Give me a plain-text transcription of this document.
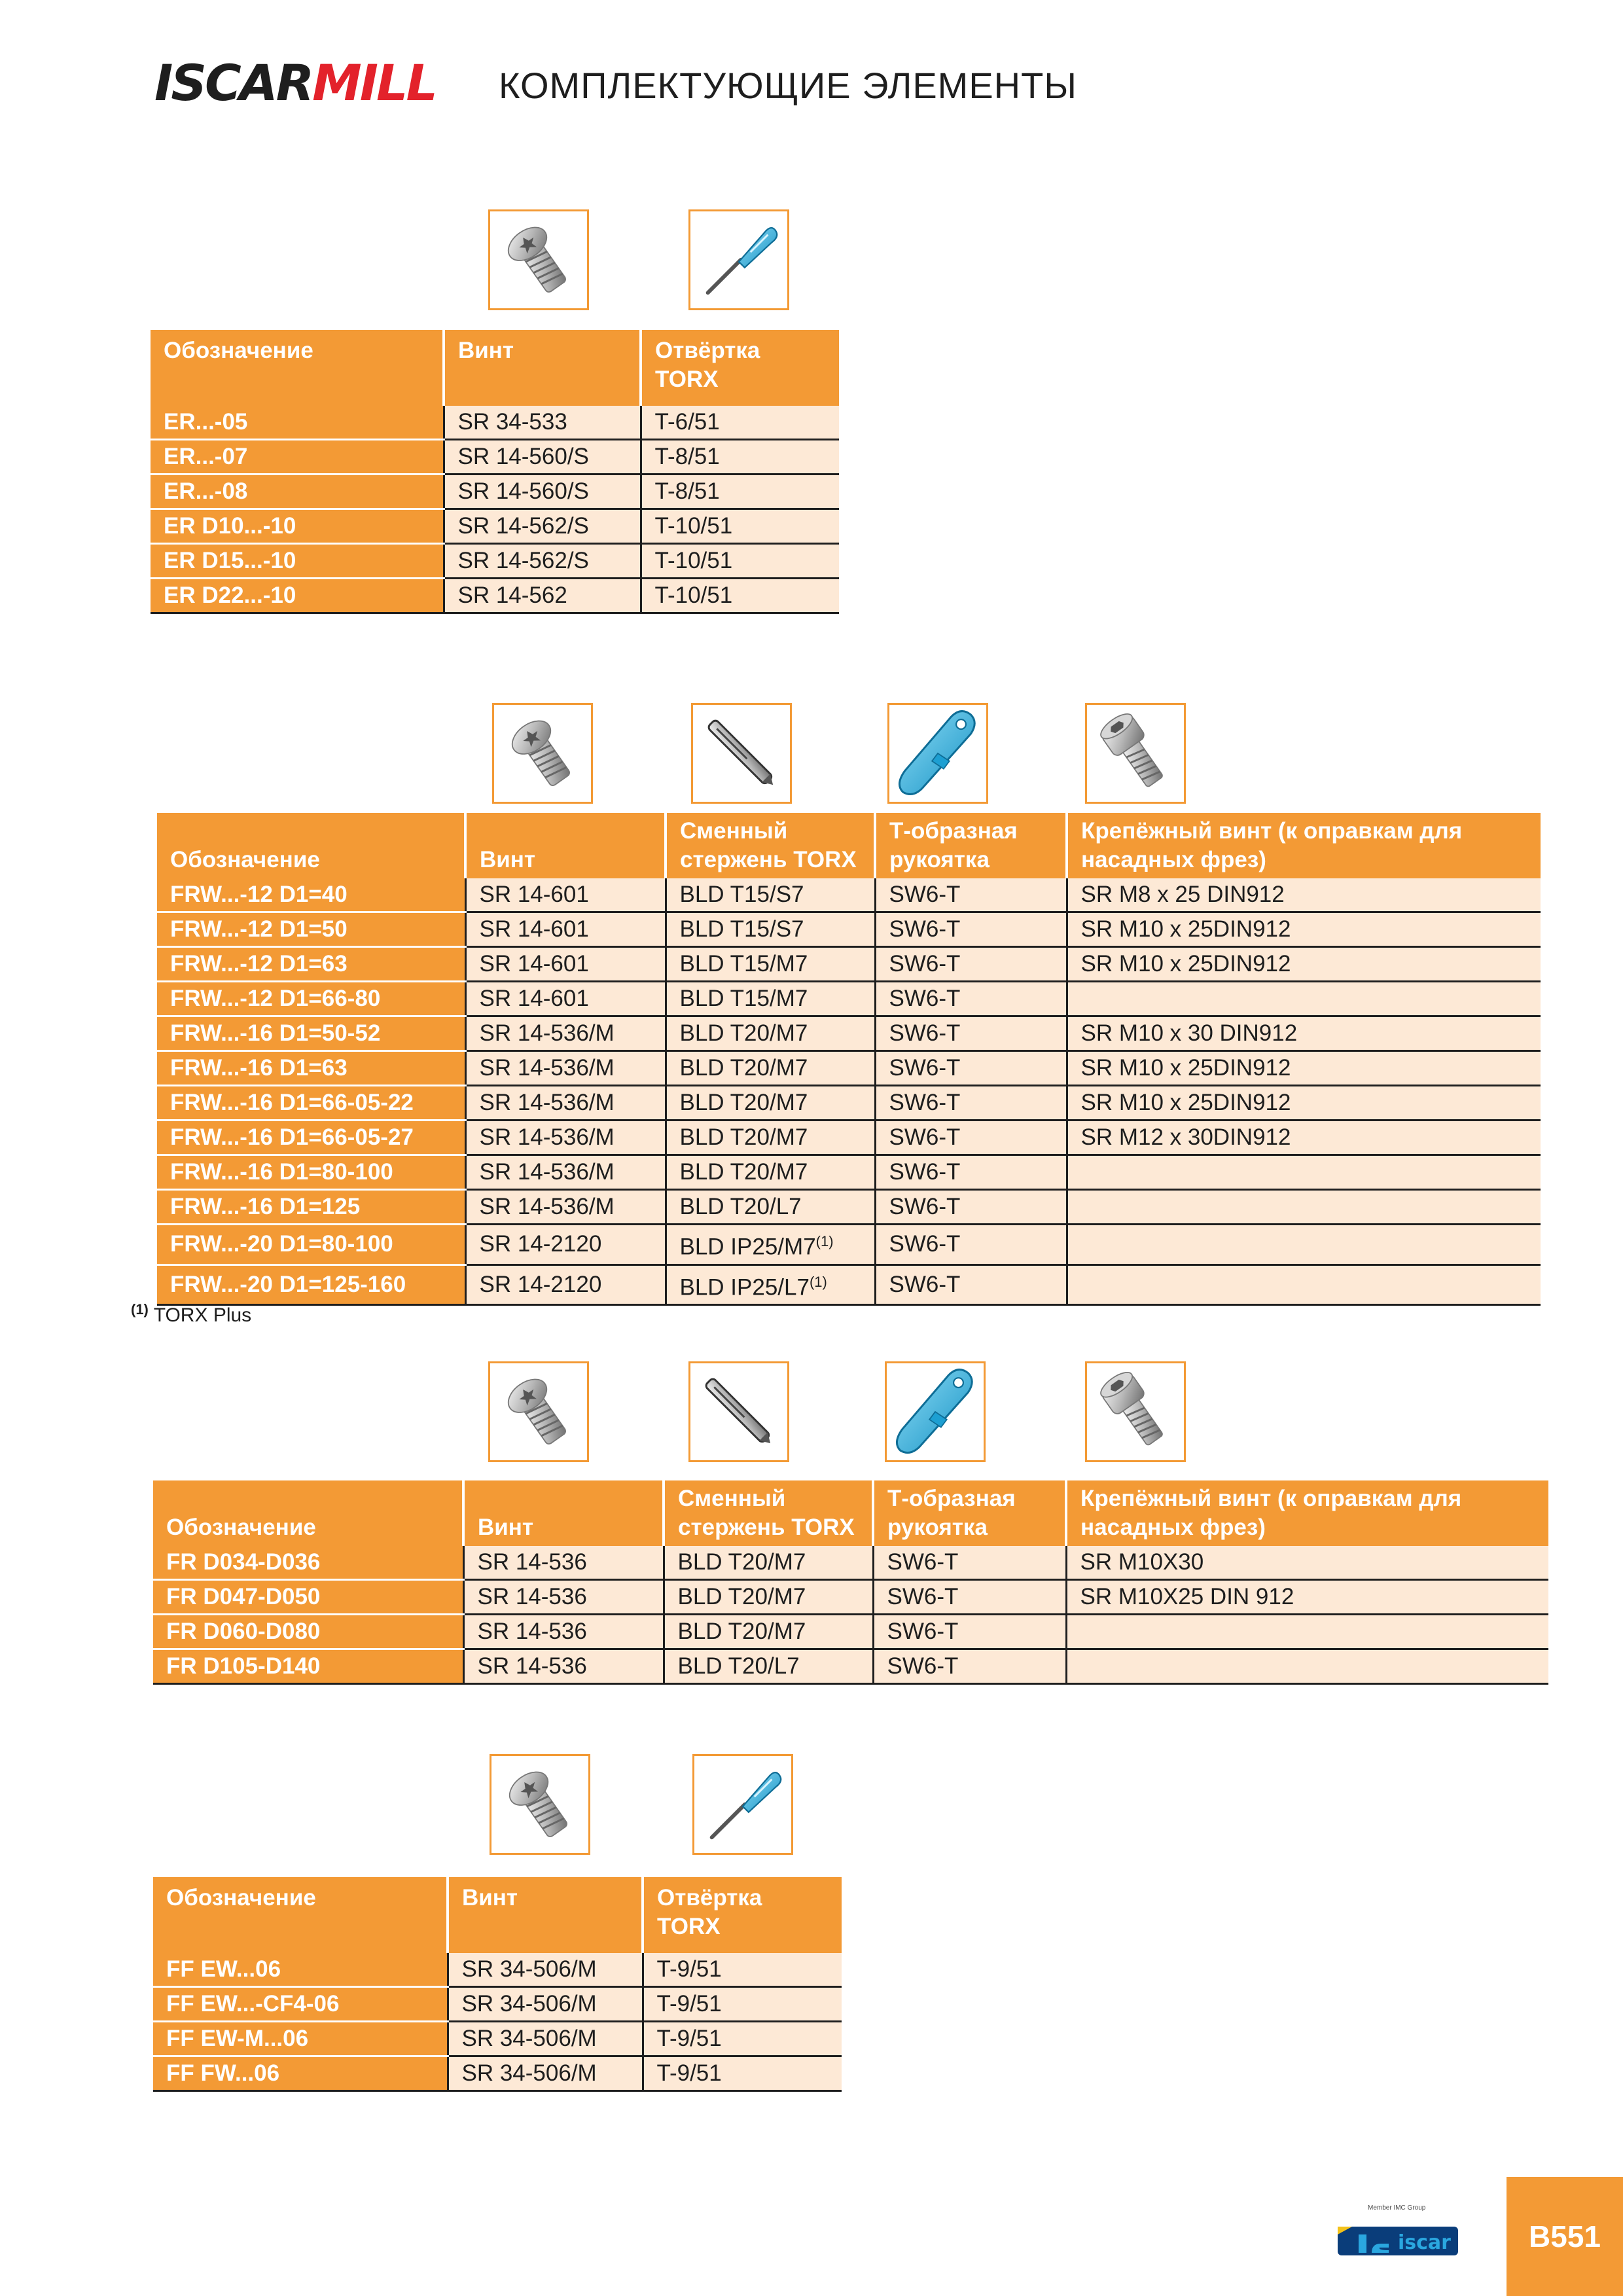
ISCARMILL КОМПЛЕКТУЮЩИЕ ЭЛЕМЕНТЫ
Обозначение	Винт	Отвёртка
TORX
ER...-05	SR 34-533	T-6/51
ER...-07	SR 14-560/S	T-8/51
ER...-08	SR 14-560/S	T-8/51
ER D10...-10	SR 14-562/S	T-10/51
ER D15...-10	SR 14-562/S	T-10/51
ER D22...-10	SR 14-562	T-10/51
Обозначение	Винт	Сменный стержень TORX	Т-образная рукоятка	Крепёжный винт (к оправкам для насадных фрез)
FRW...-12 D1=40	SR 14-601	BLD T15/S7	SW6-T	SR M8 x 25 DIN912
FRW...-12 D1=50	SR 14-601	BLD T15/S7	SW6-T	SR M10 x 25DIN912
FRW...-12 D1=63	SR 14-601	BLD T15/M7	SW6-T	SR M10 x 25DIN912
FRW...-12 D1=66-80	SR 14-601	BLD T15/M7	SW6-T	
FRW...-16 D1=50-52	SR 14-536/M	BLD T20/M7	SW6-T	SR M10 x 30 DIN912
FRW...-16 D1=63	SR 14-536/M	BLD T20/M7	SW6-T	SR M10 x 25DIN912
FRW...-16 D1=66-05-22	SR 14-536/M	BLD T20/M7	SW6-T	SR M10 x 25DIN912
FRW...-16 D1=66-05-27	SR 14-536/M	BLD T20/M7	SW6-T	SR M12 x 30DIN912
FRW...-16 D1=80-100	SR 14-536/M	BLD T20/M7	SW6-T	
FRW...-16 D1=125	SR 14-536/M	BLD T20/L7	SW6-T	
FRW...-20 D1=80-100	SR 14-2120	BLD IP25/M7$^{(1)}$	SW6-T	
FRW...-20 D1=125-160	SR 14-2120	BLD IP25/L7$^{(1)}$	SW6-T	
$^{(1)}$ TORX Plus
Обозначение	Винт	Сменный стержень TORX	Т-образная рукоятка	Крепёжный винт (к оправкам для насадных фрез)
FR D034-D036	SR 14-536	BLD T20/M7	SW6-T	SR M10X30
FR D047-D050	SR 14-536	BLD T20/M7	SW6-T	SR M10X25 DIN 912
FR D060-D080	SR 14-536	BLD T20/M7	SW6-T	
FR D105-D140	SR 14-536	BLD T20/L7	SW6-T	
Обозначение	Винт	Отвёртка
TORX
FF EW...06	SR 34-506/M	T-9/51
FF EW...-CF4-06	SR 34-506/M	T-9/51
FF EW-M...06	SR 34-506/M	T-9/51
FF FW...06	SR 34-506/M	T-9/51
iscar
Member IMC Group
B551
